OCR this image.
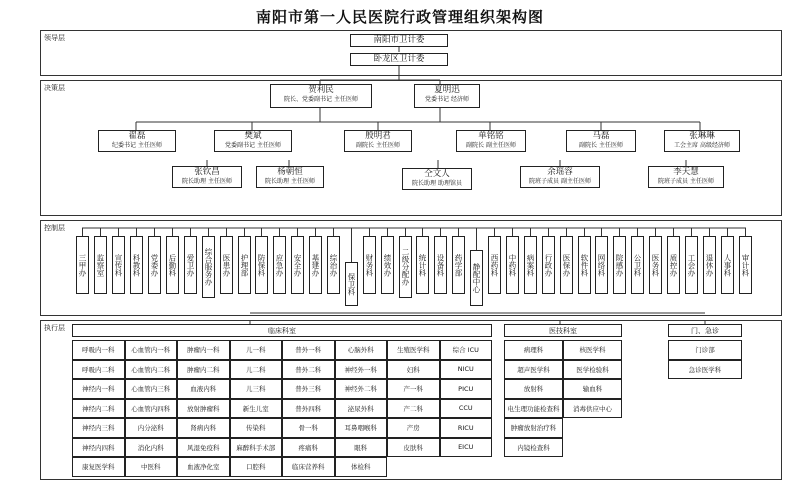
南阳市第一人民医院行政管理组织架构图
领导层
决策层
控制层
执行层
南阳市卫计委
卧龙区卫计委
贺利民
院长、党委副书记 主任医师
夏明迅
党委书记 经济师
翟磊
纪委书记 主任医师
樊斌
党委副书记 主任医师
殷明君
副院长 主任医师
单铭铭
副院长 副主任医师
马磊
副院长 主任医师
张琳琳
工会主席 高级经济师
张钦昌
院长助理 主任医师
杨朝恒
院长助理 主任医师
仝文人
院长助理 助理馆员
余瑶容
院班子成员 副主任医师
李天慧
院班子成员 主任医师
三甲办 监察室 宣传科 科教科 党委办 后勤科 爱卫办 综合服务办 医患办 护理部 防保科 应急办 安全办 基建办 综治办
保卫科
财务科 绩效办 二级分配办 统计科 设备科 药学部 静配中心 西药科 中药科 病案科 行政办 医保办 软件科 网络科 院感办 公卫科 医务科 质控办 工会办 退休办 人事科 审计科
临床科室
呼吸内一科	心血管内一科	肿瘤内一科	儿一科	普外一科	心脑外科	生殖医学科	综合 ICU
呼吸内二科	心血管内二科	肿瘤内二科	儿二科	普外二科	神经外一科	妇科	NICU
神经内一科	心血管内三科	血液内科	儿三科	普外三科	神经外二科	产一科	PICU
神经内二科	心血管内四科	放射肿瘤科	新生儿室	普外四科	泌尿外科	产二科	CCU
神经内三科	内分泌科	肾病内科	传染科	骨一科	耳鼻咽喉科	产房	RICU
神经内四科	消化内科	风湿免疫科	麻醉科手术部	疼痛科	眼科	皮肤科	EICU
康复医学科	中医科	血液净化室	口腔科	临床营养科	体检科
医技科室
病理科	核医学科
超声医学科	医学检验科
放射科	输血科
电生理功能检查科	消毒供应中心
肿瘤放射治疗科
内镜检查科
门、急诊
门诊部
急诊医学科
